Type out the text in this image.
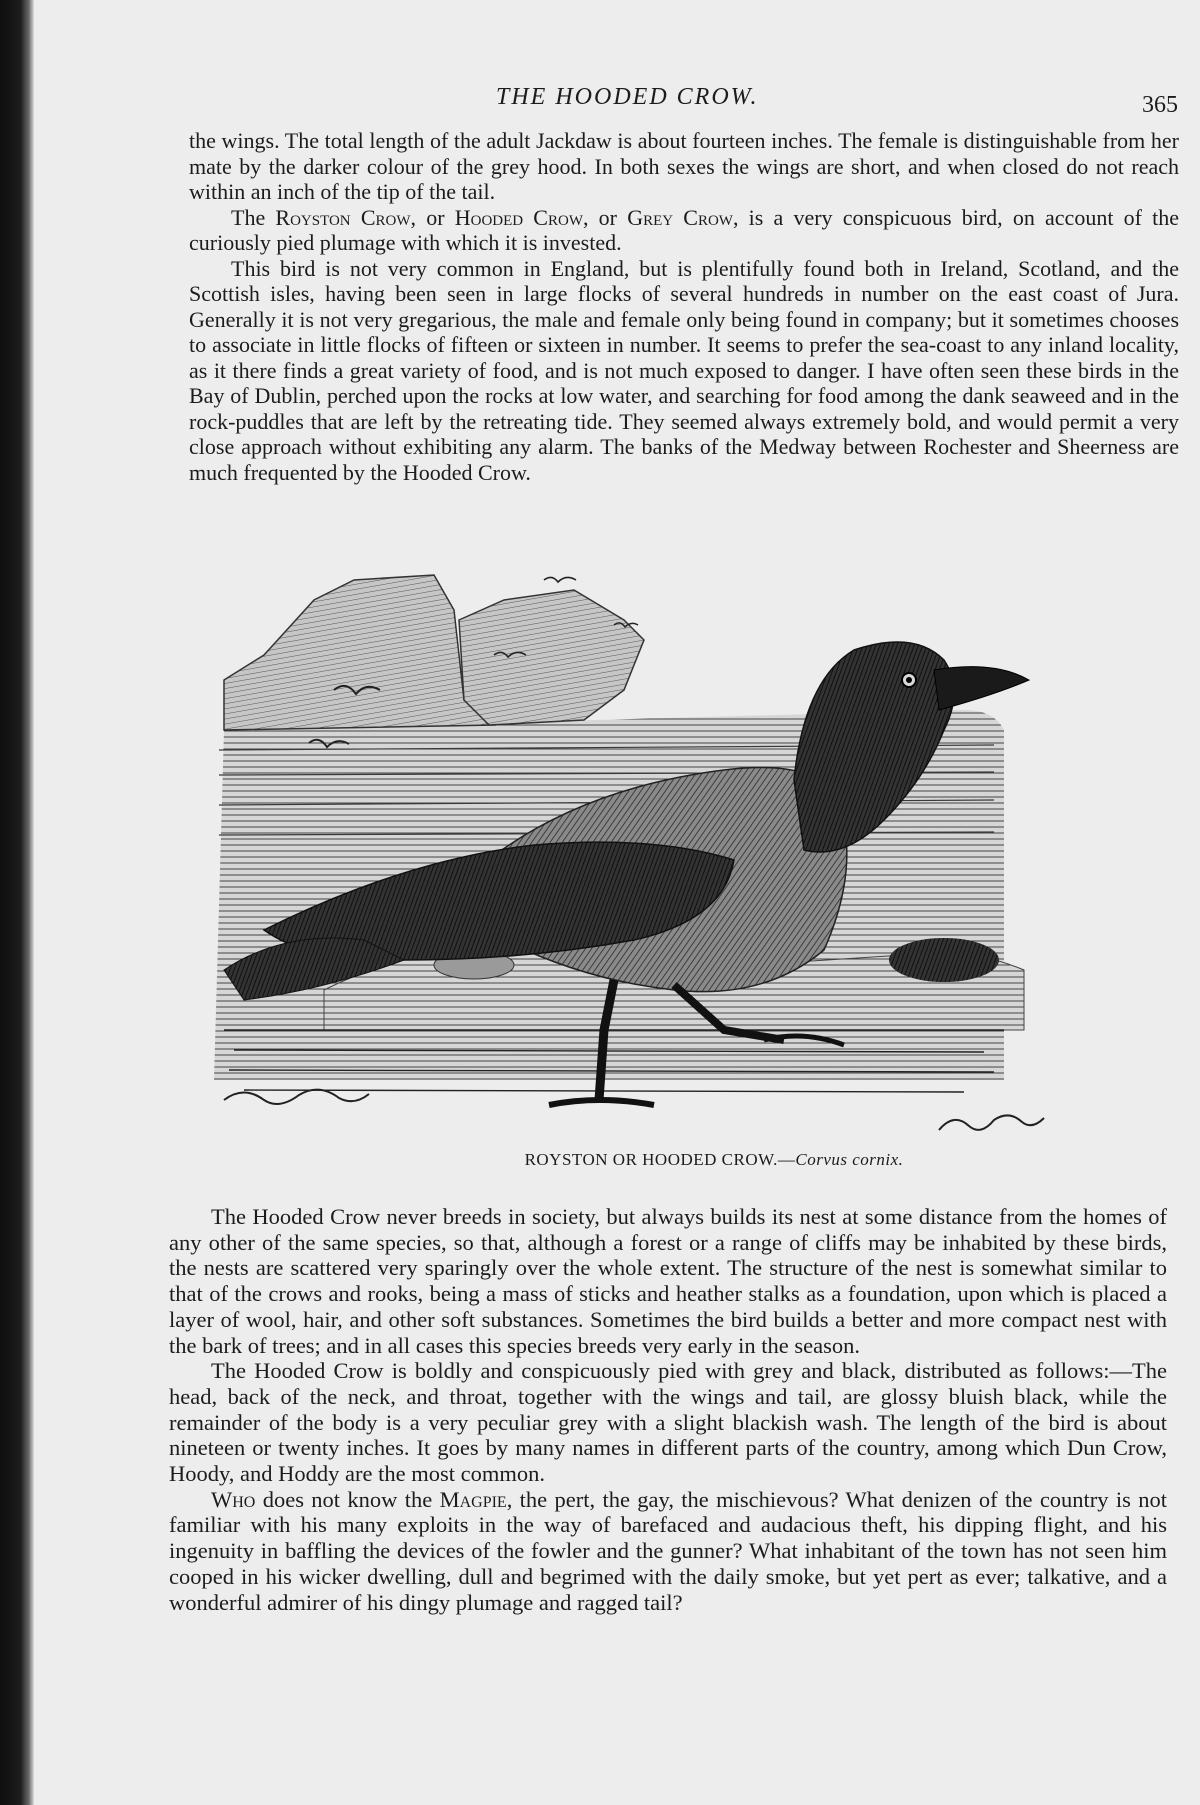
THE HOODED CROW.	365

the wings. The total length of the adult Jackdaw is about fourteen inches. The female is distinguishable from her mate by the darker colour of the grey hood. In both sexes the wings are short, and when closed do not reach within an inch of the tip of the tail.

The Royston Crow, or Hooded Crow, or Grey Crow, is a very conspicuous bird, on account of the curiously pied plumage with which it is invested.

This bird is not very common in England, but is plentifully found both in Ireland, Scotland, and the Scottish isles, having been seen in large flocks of several hundreds in number on the east coast of Jura. Generally it is not very gregarious, the male and female only being found in company; but it sometimes chooses to associate in little flocks of fifteen or sixteen in number. It seems to prefer the sea-coast to any inland locality, as it there finds a great variety of food, and is not much exposed to danger. I have often seen these birds in the Bay of Dublin, perched upon the rocks at low water, and searching for food among the dank seaweed and in the rock-puddles that are left by the retreating tide. They seemed always extremely bold, and would permit a very close approach without exhibiting any alarm. The banks of the Medway between Rochester and Sheerness are much frequented by the Hooded Crow.

ROYSTON OR HOODED CROW.—Corvus cornix.

The Hooded Crow never breeds in society, but always builds its nest at some distance from the homes of any other of the same species, so that, although a forest or a range of cliffs may be inhabited by these birds, the nests are scattered very sparingly over the whole extent. The structure of the nest is somewhat similar to that of the crows and rooks, being a mass of sticks and heather stalks as a foundation, upon which is placed a layer of wool, hair, and other soft substances. Sometimes the bird builds a better and more compact nest with the bark of trees; and in all cases this species breeds very early in the season.

The Hooded Crow is boldly and conspicuously pied with grey and black, distributed as follows:—The head, back of the neck, and throat, together with the wings and tail, are glossy bluish black, while the remainder of the body is a very peculiar grey with a slight blackish wash. The length of the bird is about nineteen or twenty inches. It goes by many names in different parts of the country, among which Dun Crow, Hoody, and Hoddy are the most common.

Who does not know the Magpie, the pert, the gay, the mischievous? What denizen of the country is not familiar with his many exploits in the way of barefaced and audacious theft, his dipping flight, and his ingenuity in baffling the devices of the fowler and the gunner? What inhabitant of the town has not seen him cooped in his wicker dwelling, dull and begrimed with the daily smoke, but yet pert as ever; talkative, and a wonderful admirer of his dingy plumage and ragged tail?
